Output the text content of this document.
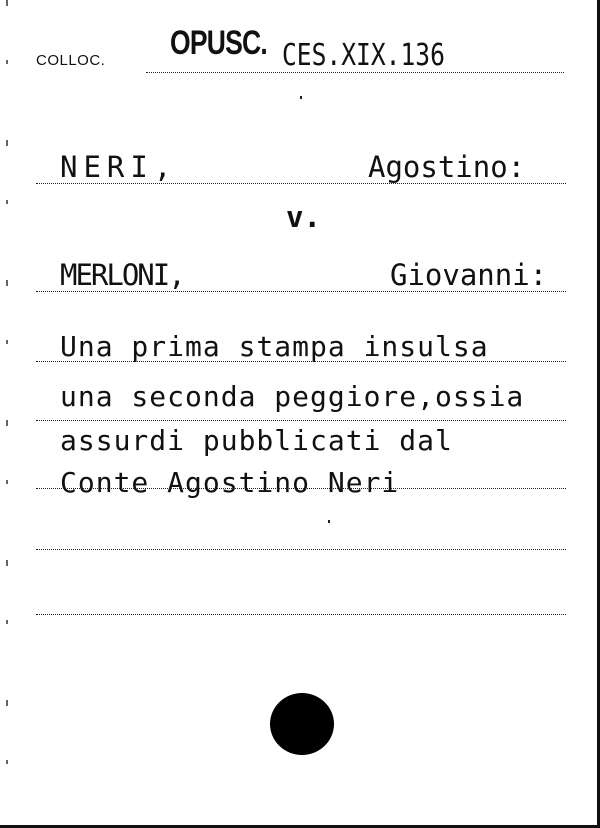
COLLOC. OPUSC. CES.XIX.136
NERI,	Agostino:
v.
MERLONI,	Giovanni:
Una prima stampa insulsa
una seconda peggiore,ossia
assurdi pubblicati dal
Conte Agostino Neri
